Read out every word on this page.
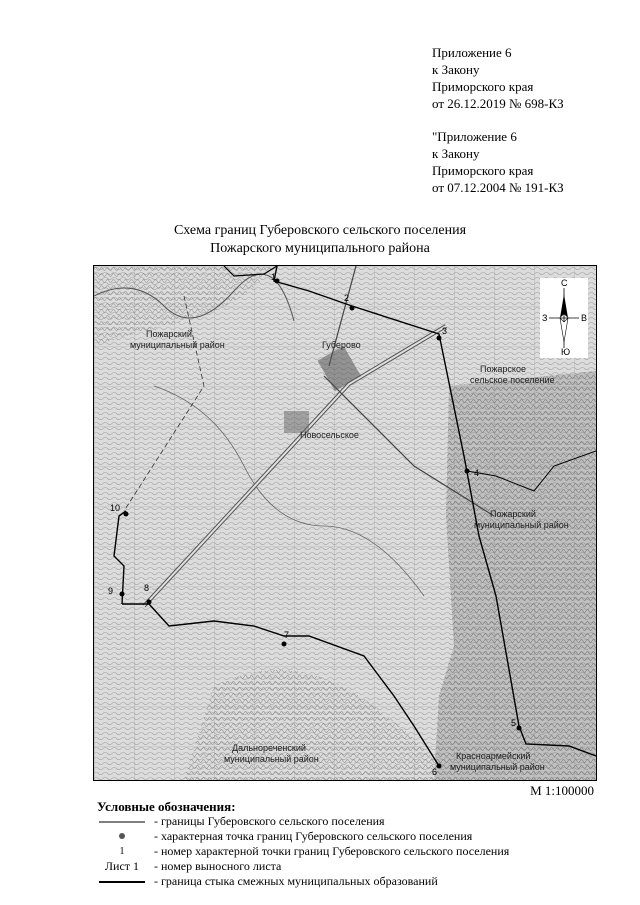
Приложение 6
к Закону
Приморского края
от 26.12.2019 № 698-КЗ
"Приложение 6
к Закону
Приморского края
от 07.12.2004 № 191-КЗ
Схема границ Губеровского сельского поселения
Пожарского муниципального района
1
2
3
4
5
6
7
8
9
10
Пожарский
муниципальный район
Пожарское
сельское поселение
Пожарский
муниципальный район
Дальнореченский
муниципальный район	Красноармейский
муниципальный район
Новосельское
Губерово
С
З	В
Ю
М 1:100000
Условные обозначения:
- границы Губеровского сельского поселения
- характерная точка границ Губеровского сельского поселения
1	- номер характерной точки границ Губеровского сельского поселения
Лист 1	- номер выносного листа
- граница стыка смежных муниципальных образований
